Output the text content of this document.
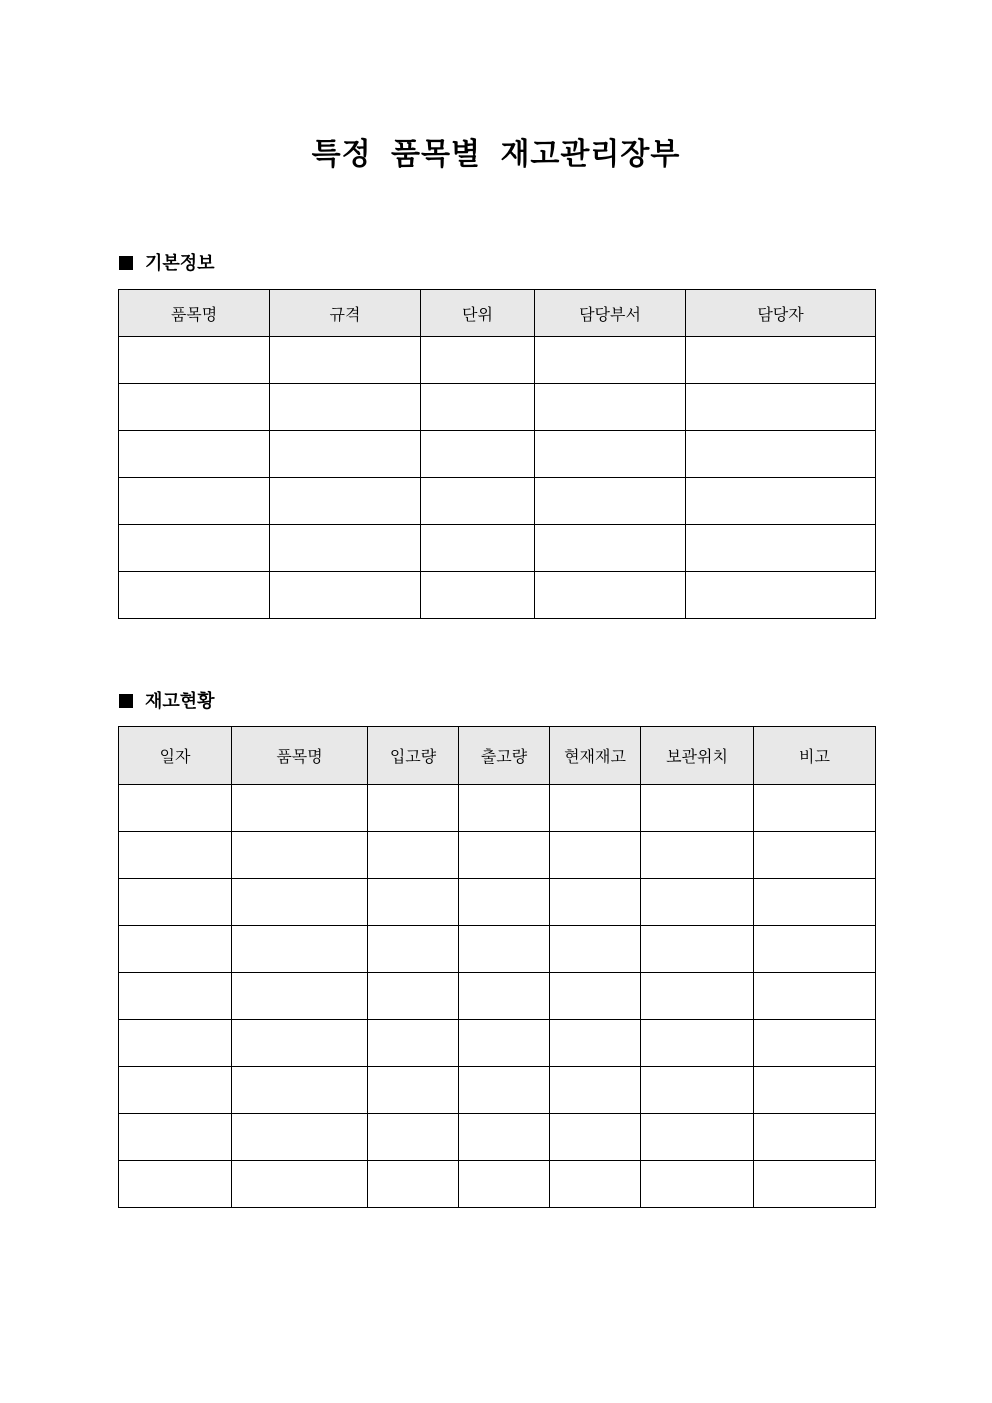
특정 품목별 재고관리장부
기본정보
품목명	규격	단위	담당부서	담당자

재고현황
일자	품목명	입고량	출고량	현재재고	보관위치	비고
